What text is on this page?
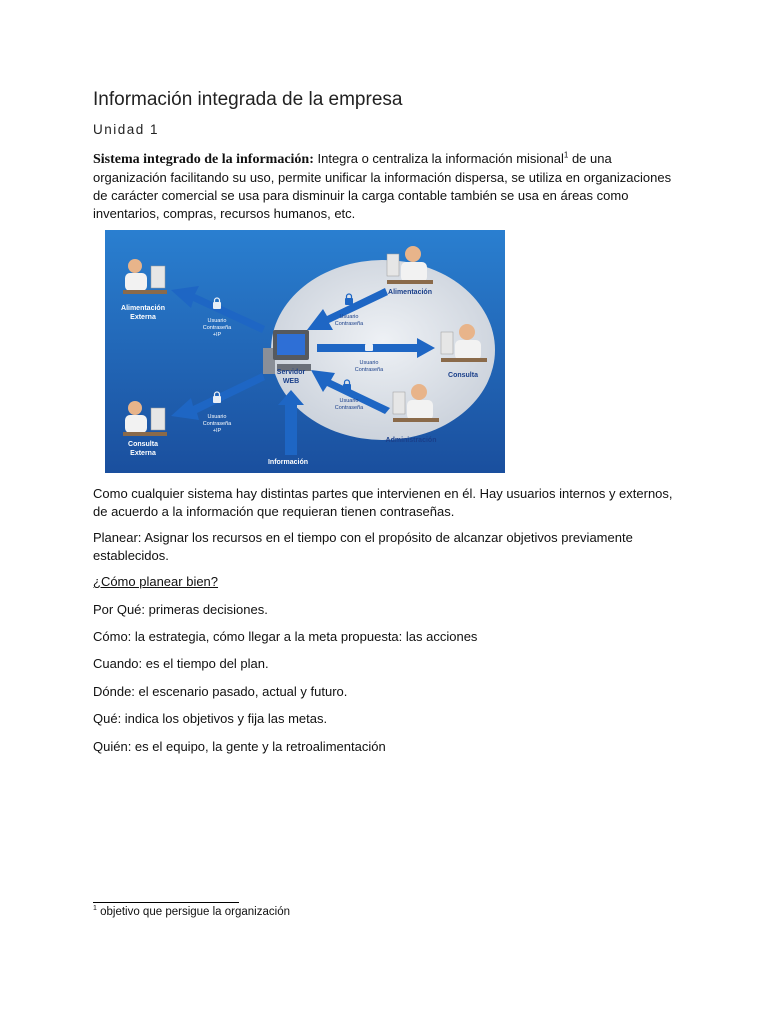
Información integrada de la empresa
Unidad 1
Sistema integrado de la información: Integra o centraliza la información misional$^1$ de una organización facilitando su uso, permite unificar la información dispersa, se utiliza en organizaciones de carácter comercial se usa para disminuir la carga contable también se usa en áreas como inventarios, compras, recursos humanos, etc.
Alimentación
Externa
Consulta
Externa
Información
Servidor
WEB
Alimentación
Consulta
Administración
Usuario
Contraseña
+IP
Usuario
Contraseña
+IP
Usuario
Contraseña
Usuario
Contraseña
Usuario
Contraseña
Como cualquier sistema hay distintas partes que intervienen en él. Hay usuarios internos y externos, de acuerdo a la información que requieran tienen contraseñas.
Planear: Asignar los recursos en el tiempo con el propósito de alcanzar objetivos previamente establecidos.
¿Cómo planear bien?
Por Qué: primeras decisiones.
Cómo: la estrategia, cómo llegar a la meta propuesta: las acciones
Cuando: es el tiempo del plan.
Dónde: el escenario pasado, actual y futuro.
Qué: indica los objetivos y fija las metas.
Quién: es el equipo, la gente y la retroalimentación
$^1$ objetivo que persigue la organización
